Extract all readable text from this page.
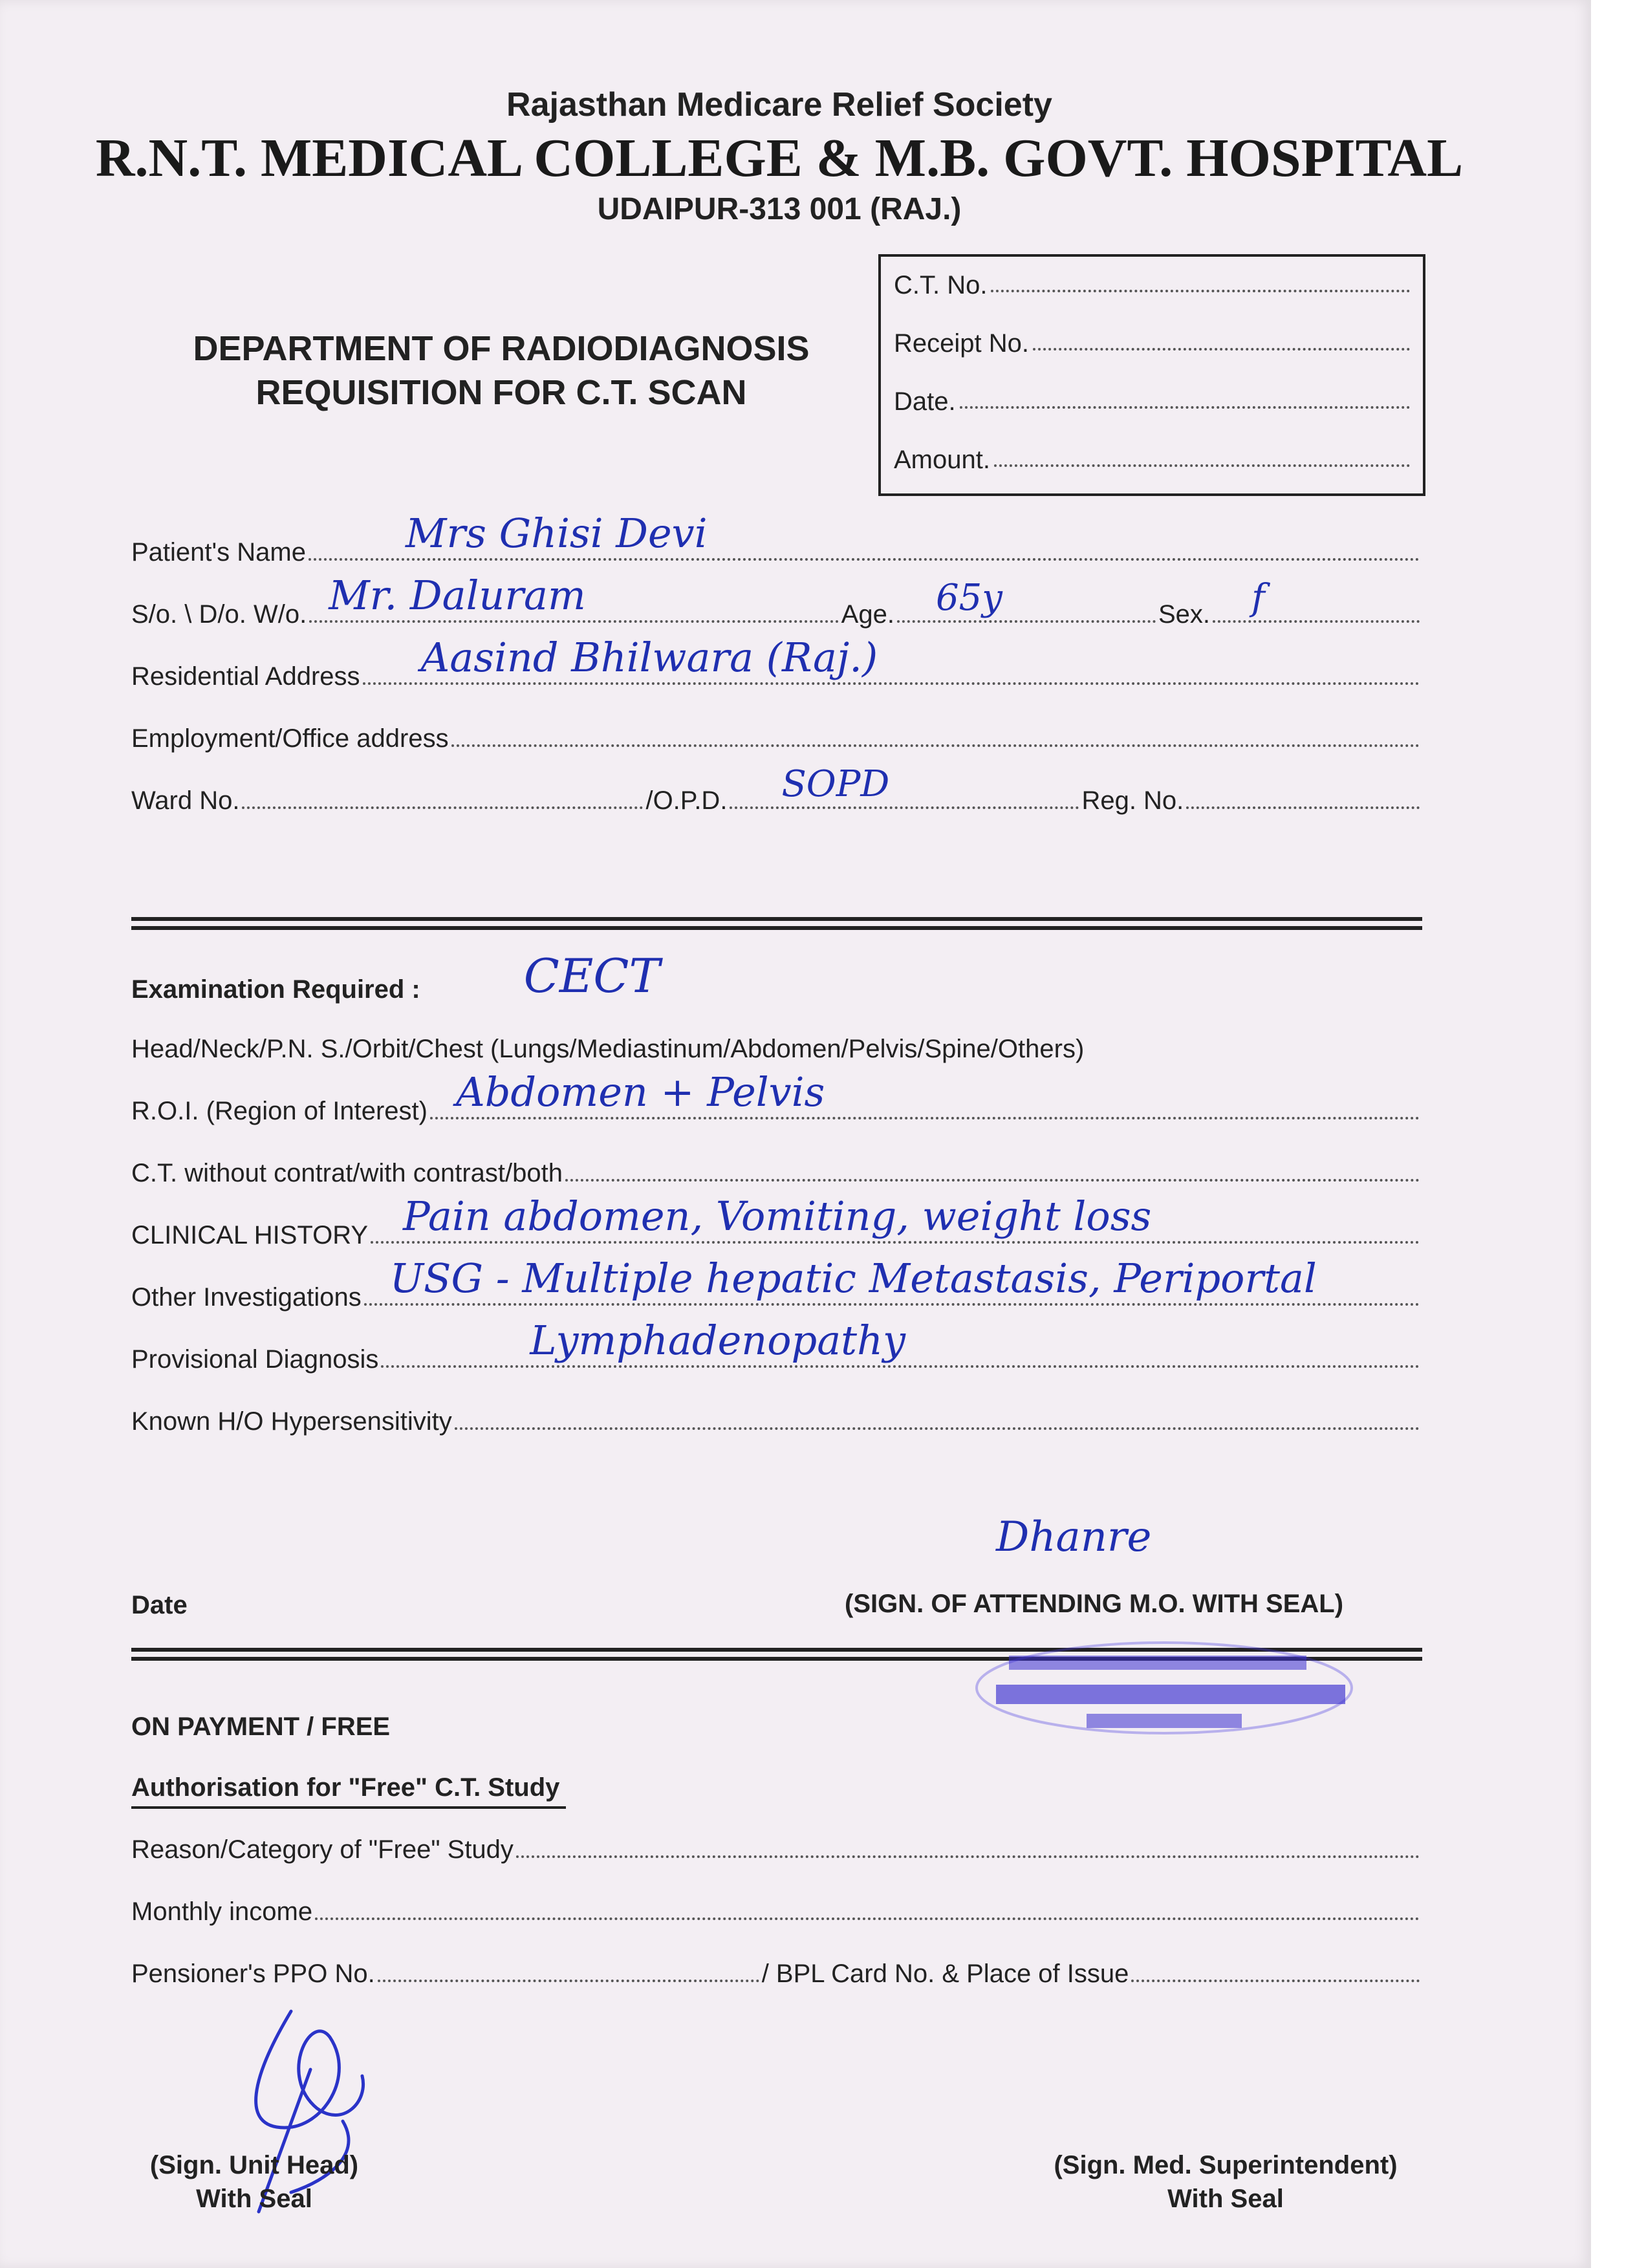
Rajasthan Medicare Relief Society
R.N.T. MEDICAL COLLEGE & M.B. GOVT. HOSPITAL
UDAIPUR-313 001 (RAJ.)
DEPARTMENT OF RADIODIAGNOSIS
REQUISITION FOR C.T. SCAN
C.T. No.
Receipt No.
Date.
Amount.
Patient's Name Mrs Ghisi Devi
S/o. \ D/o. W/o. Mr. Daluram	Age. 65y	Sex. f
Residential Address Aasind Bhilwara (Raj.)
Employment/Office address
Ward No.	/O.P.D. SOPD	Reg. No.
Examination Required : CECT
Head/Neck/P.N. S./Orbit/Chest (Lungs/Mediastinum/Abdomen/Pelvis/Spine/Others)
R.O.I. (Region of Interest) Abdomen + Pelvis
C.T. without contrat/with contrast/both
CLINICAL HISTORY Pain abdomen, Vomiting, weight loss
Other Investigations USG - Multiple hepatic Metastasis, Periportal
Provisional Diagnosis	Lymphadenopathy
Known H/O Hypersensitivity
Dhanre
Date	(SIGN. OF ATTENDING M.O. WITH SEAL)
ON PAYMENT / FREE
Authorisation for "Free" C.T. Study
Reason/Category of "Free" Study
Monthly income
Pensioner's PPO No.	/ BPL Card No. & Place of Issue
(Sign. Unit Head)
With Seal
(Sign. Med. Superintendent)
With Seal
